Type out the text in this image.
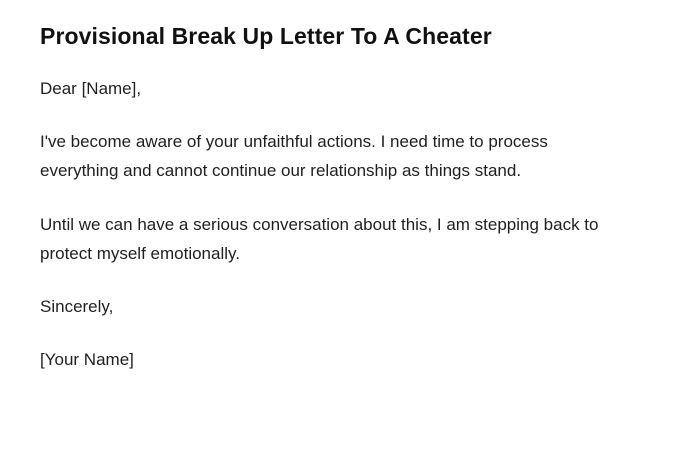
Provisional Break Up Letter To A Cheater

Dear [Name],

I've become aware of your unfaithful actions. I need time to process everything and cannot continue our relationship as things stand.

Until we can have a serious conversation about this, I am stepping back to protect myself emotionally.

Sincerely,

[Your Name]
